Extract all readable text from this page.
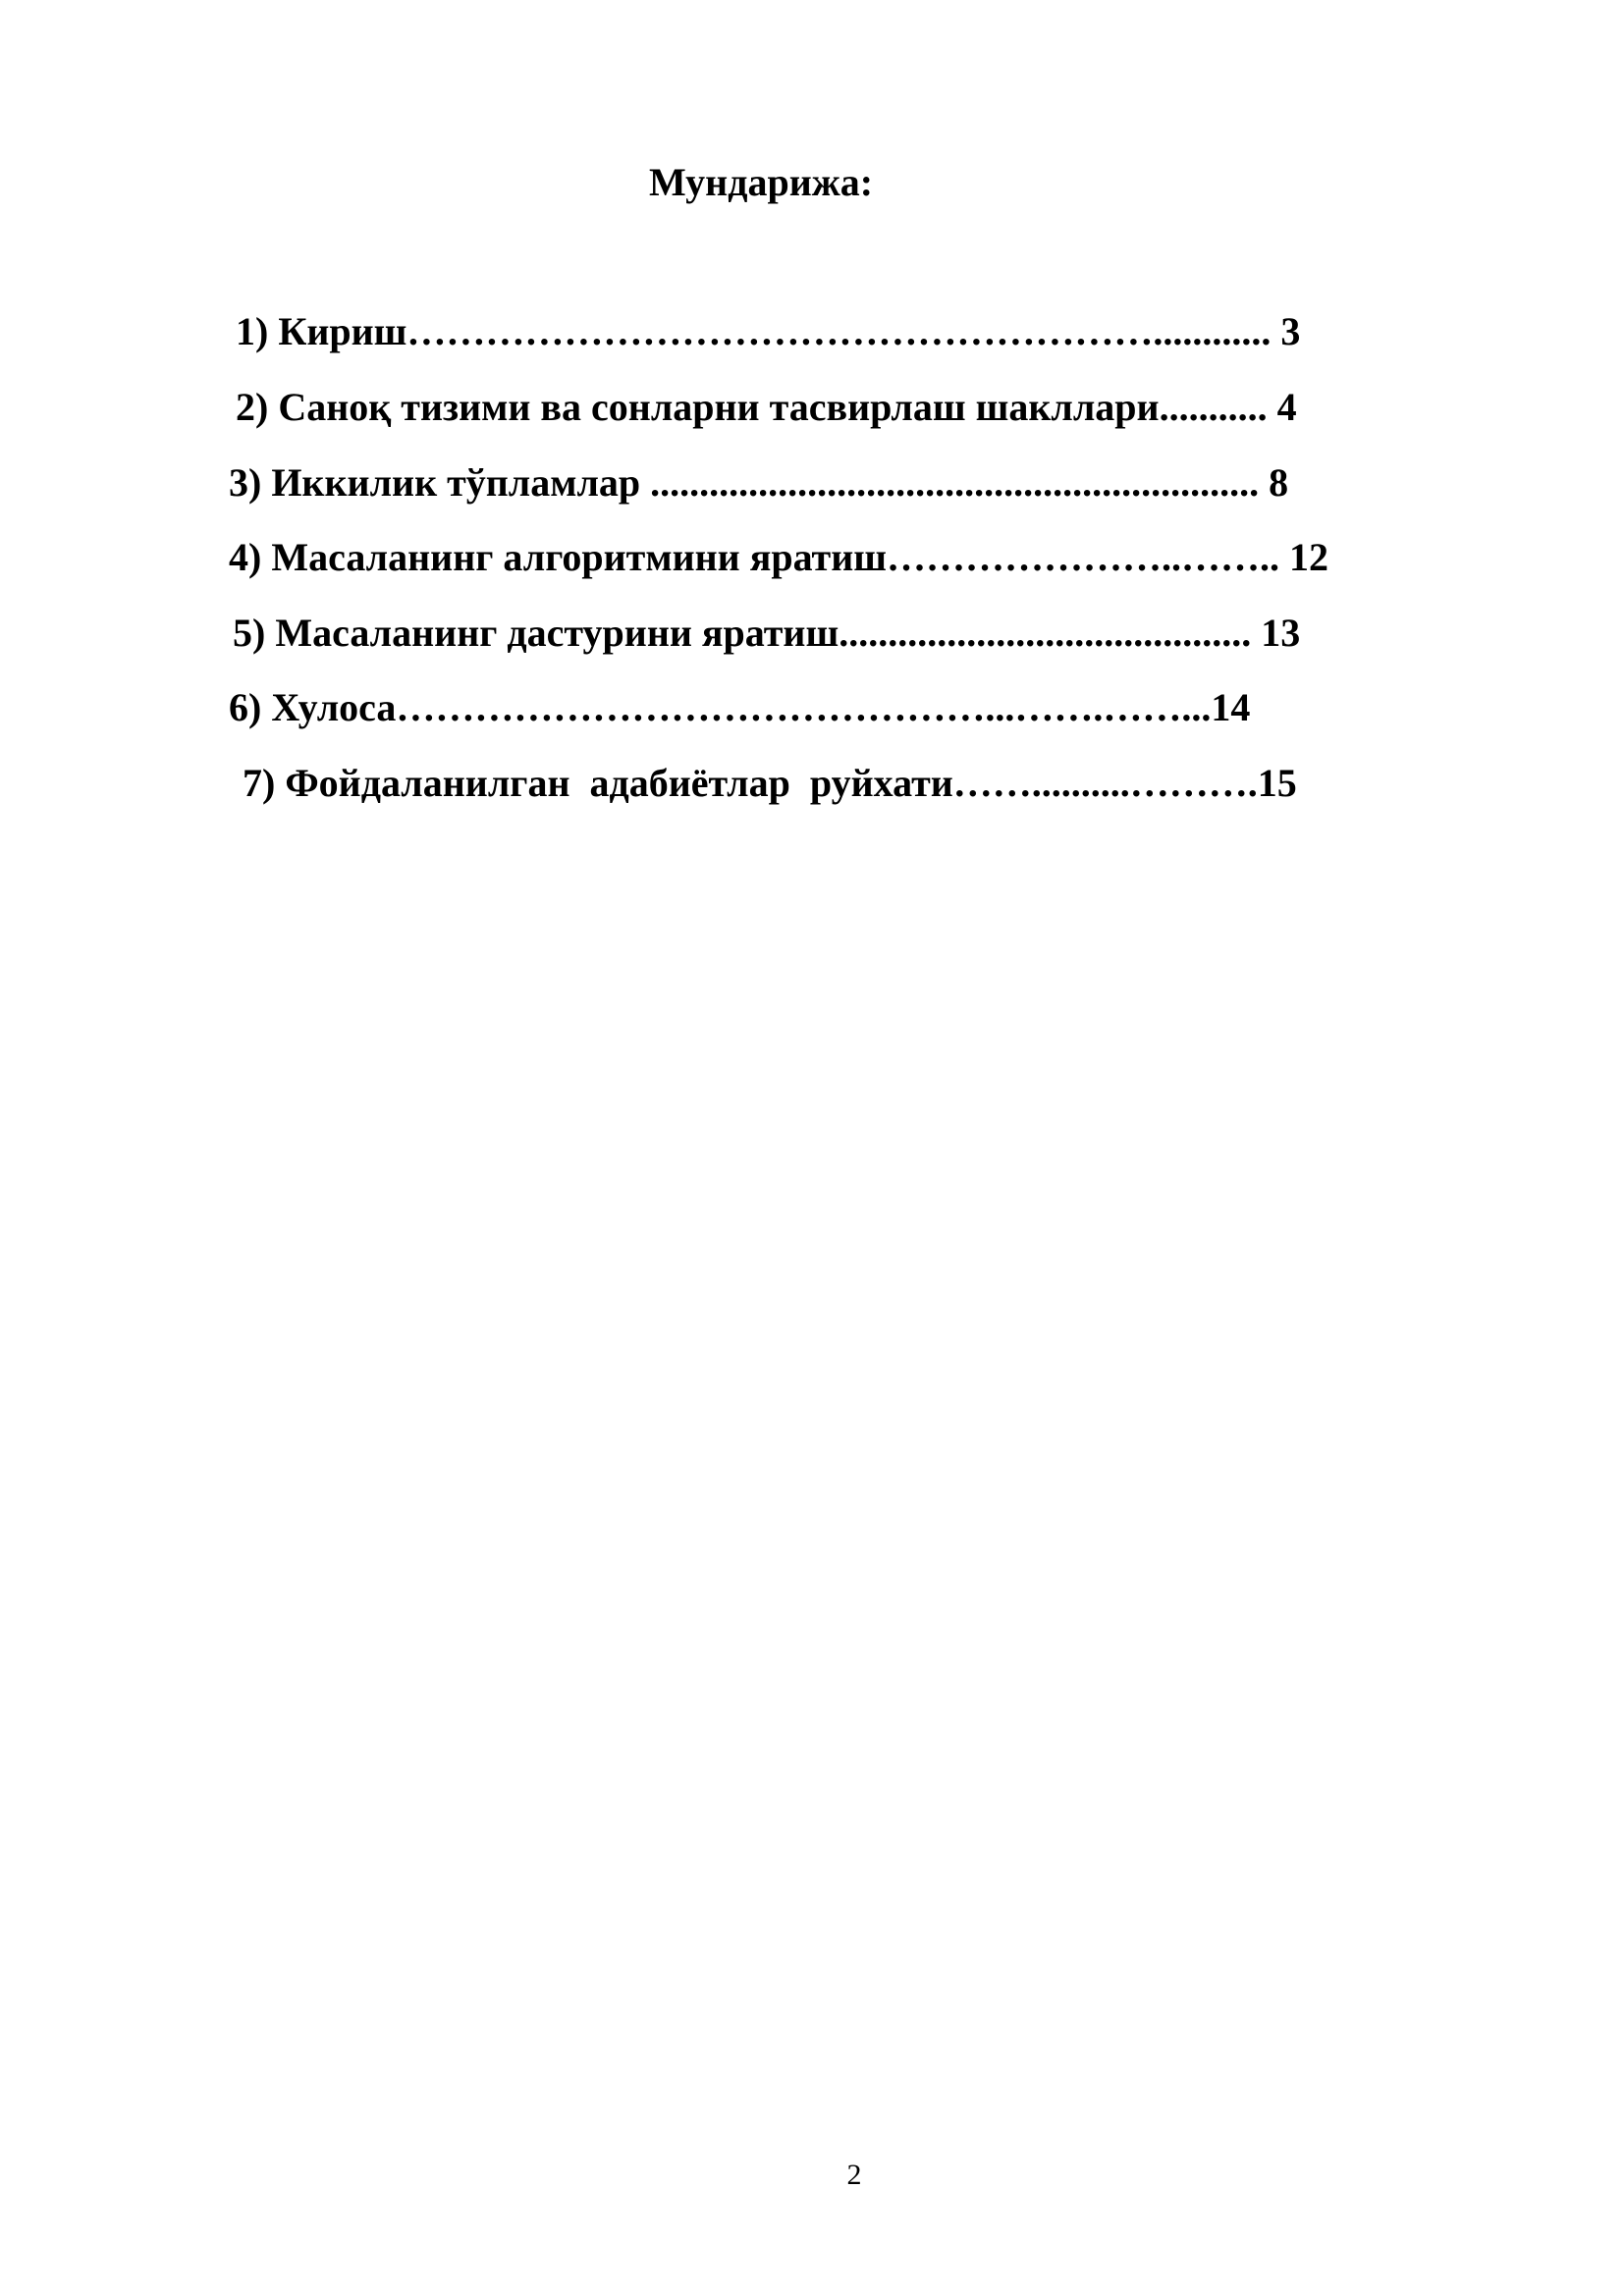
Мундарижа:

1) Кириш…………………………………………………............ 3

2) Саноқ тизими ва сонларни тасвирлаш шакллари........... 4

3) Иккилик тўпламлар .............................................................. 8

4) Масаланинг алгоритмини яратиш…………………..…….. 12

5) Масаланинг дастурини яратиш.......................................... 13

6) Хулоса………………………………………...…….……...14

7) Фойдаланилган  адабиётлар  руйхати……..........……….15

2
